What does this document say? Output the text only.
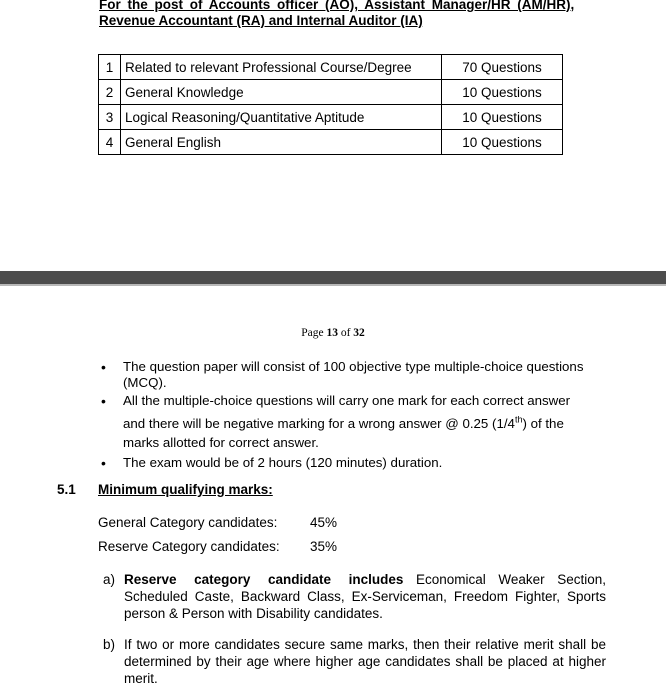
For the post of Accounts officer (AO), Assistant Manager/HR (AM/HR),
Revenue Accountant (RA) and Internal Auditor (IA)
1	Related to relevant Professional Course/Degree	70 Questions
2	General Knowledge	10 Questions
3	Logical Reasoning/Quantitative Aptitude	10 Questions
4	General English	10 Questions
Page 13 of 32
• The question paper will consist of 100 objective type multiple-choice questions (MCQ).
• All the multiple-choice questions will carry one mark for each correct answer
and there will be negative marking for a wrong answer @ 0.25 (1/4th) of the
marks allotted for correct answer.
• The exam would be of 2 hours (120 minutes) duration.
5.1 Minimum qualifying marks:
General Category candidates: 45%
Reserve Category candidates: 35%
a) Reserve category candidate includes Economical Weaker Section, Scheduled Caste, Backward Class, Ex-Serviceman, Freedom Fighter, Sports person & Person with Disability candidates.
b) If two or more candidates secure same marks, then their relative merit shall be determined by their age where higher age candidates shall be placed at higher merit.
